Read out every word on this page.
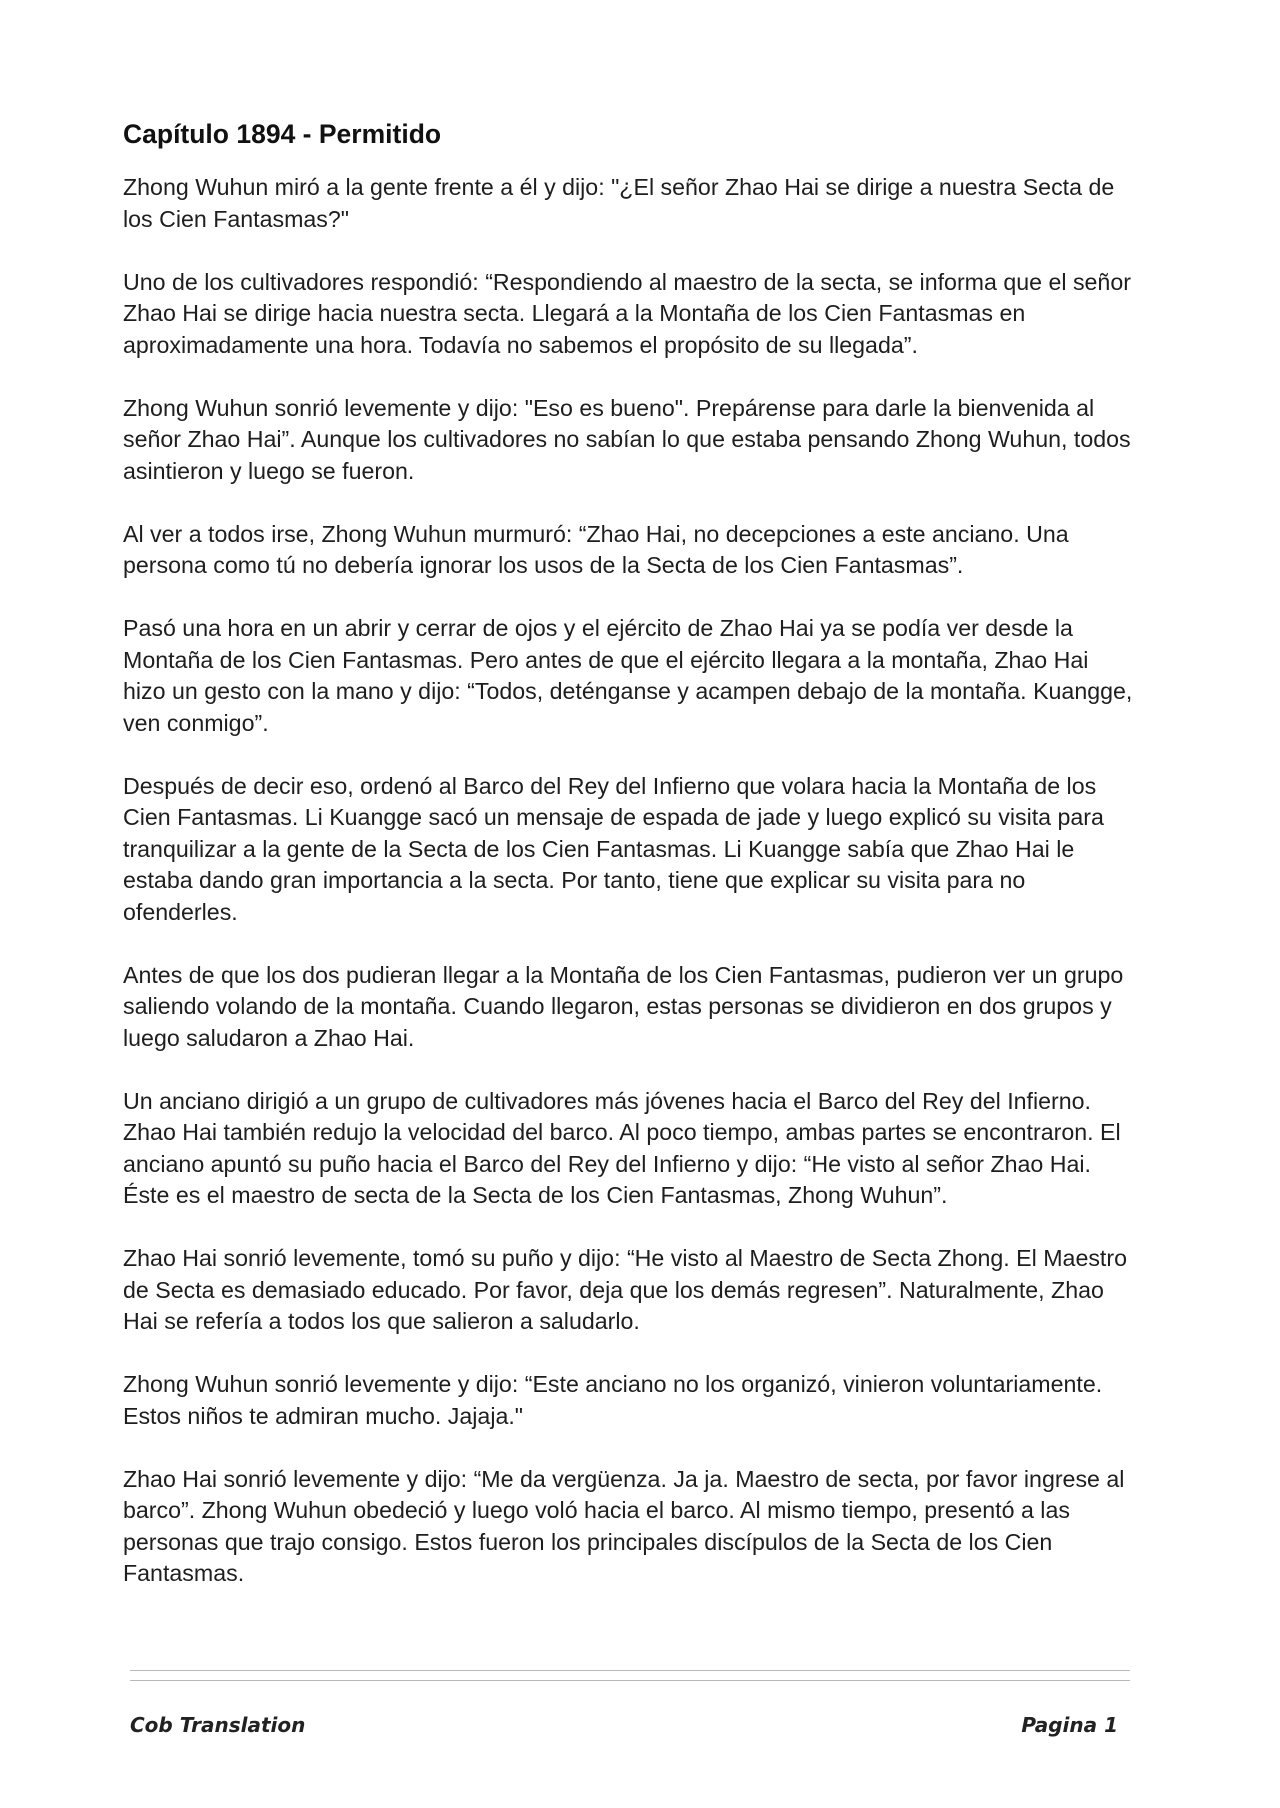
Capítulo 1894 - Permitido

Zhong Wuhun miró a la gente frente a él y dijo: "¿El señor Zhao Hai se dirige a nuestra Secta de los Cien Fantasmas?"

Uno de los cultivadores respondió: “Respondiendo al maestro de la secta, se informa que el señor Zhao Hai se dirige hacia nuestra secta. Llegará a la Montaña de los Cien Fantasmas en aproximadamente una hora. Todavía no sabemos el propósito de su llegada”.

Zhong Wuhun sonrió levemente y dijo: "Eso es bueno". Prepárense para darle la bienvenida al señor Zhao Hai”. Aunque los cultivadores no sabían lo que estaba pensando Zhong Wuhun, todos asintieron y luego se fueron.

Al ver a todos irse, Zhong Wuhun murmuró: “Zhao Hai, no decepciones a este anciano. Una persona como tú no debería ignorar los usos de la Secta de los Cien Fantasmas”.

Pasó una hora en un abrir y cerrar de ojos y el ejército de Zhao Hai ya se podía ver desde la Montaña de los Cien Fantasmas. Pero antes de que el ejército llegara a la montaña, Zhao Hai hizo un gesto con la mano y dijo: “Todos, deténganse y acampen debajo de la montaña. Kuangge, ven conmigo”.

Después de decir eso, ordenó al Barco del Rey del Infierno que volara hacia la Montaña de los Cien Fantasmas. Li Kuangge sacó un mensaje de espada de jade y luego explicó su visita para tranquilizar a la gente de la Secta de los Cien Fantasmas. Li Kuangge sabía que Zhao Hai le estaba dando gran importancia a la secta. Por tanto, tiene que explicar su visita para no ofenderles.

Antes de que los dos pudieran llegar a la Montaña de los Cien Fantasmas, pudieron ver un grupo saliendo volando de la montaña. Cuando llegaron, estas personas se dividieron en dos grupos y luego saludaron a Zhao Hai.

Un anciano dirigió a un grupo de cultivadores más jóvenes hacia el Barco del Rey del Infierno. Zhao Hai también redujo la velocidad del barco. Al poco tiempo, ambas partes se encontraron. El anciano apuntó su puño hacia el Barco del Rey del Infierno y dijo: “He visto al señor Zhao Hai. Éste es el maestro de secta de la Secta de los Cien Fantasmas, Zhong Wuhun”.

Zhao Hai sonrió levemente, tomó su puño y dijo: “He visto al Maestro de Secta Zhong. El Maestro de Secta es demasiado educado. Por favor, deja que los demás regresen”. Naturalmente, Zhao Hai se refería a todos los que salieron a saludarlo.

Zhong Wuhun sonrió levemente y dijo: “Este anciano no los organizó, vinieron voluntariamente. Estos niños te admiran mucho. Jajaja."

Zhao Hai sonrió levemente y dijo: “Me da vergüenza. Ja ja. Maestro de secta, por favor ingrese al barco”. Zhong Wuhun obedeció y luego voló hacia el barco. Al mismo tiempo, presentó a las personas que trajo consigo. Estos fueron los principales discípulos de la Secta de los Cien Fantasmas.

Cob Translation	Pagina 1
